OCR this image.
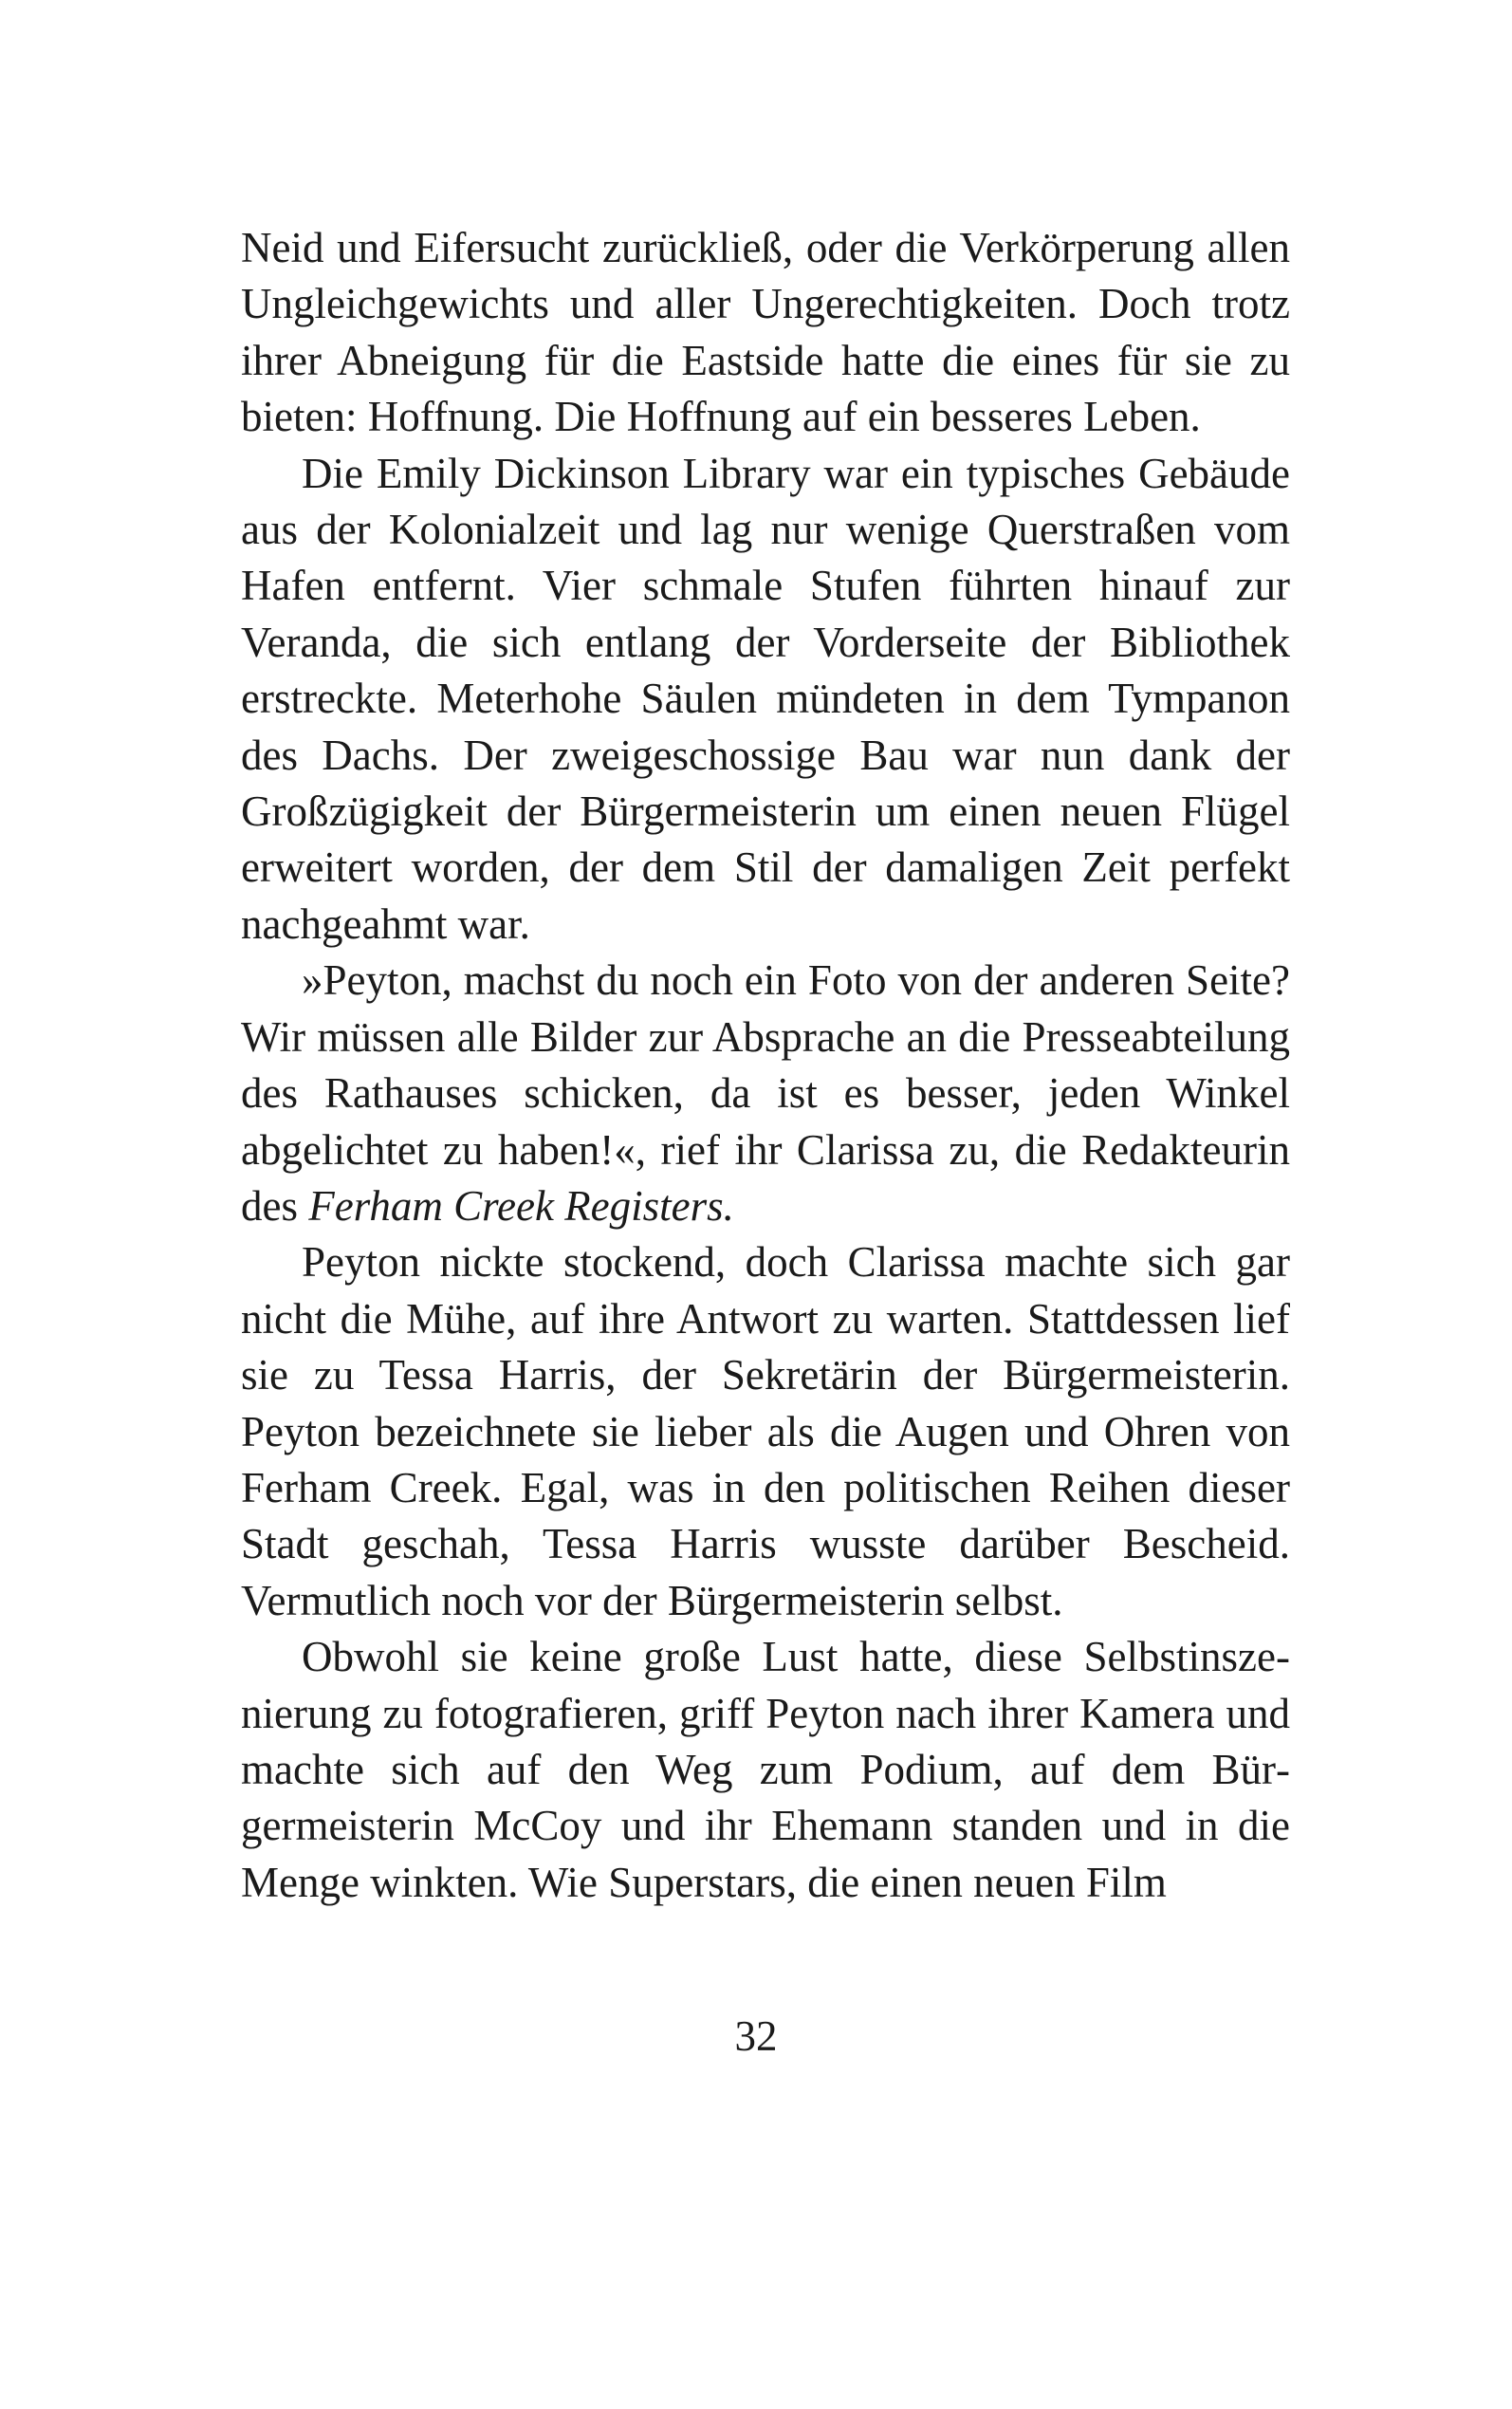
Neid und Eifersucht zurückließ, oder die Verkörperung allen Ungleichgewichts und aller Ungerechtigkeiten. Doch trotz ihrer Abneigung für die Eastside hatte die eines für sie zu bieten: Hoffnung. Die Hoffnung auf ein besseres Leben.

Die Emily Dickinson Library war ein typisches Gebäude aus der Kolonialzeit und lag nur wenige Querstraßen vom Hafen entfernt. Vier schmale Stufen führten hinauf zur Veranda, die sich entlang der Vorderseite der Bibliothek erstreckte. Meterhohe Säulen mündeten in dem Tympanon des Dachs. Der zweigeschossige Bau war nun dank der Großzügigkeit der Bürgermeisterin um einen neuen Flügel erweitert worden, der dem Stil der damaligen Zeit perfekt nachgeahmt war.

»Peyton, machst du noch ein Foto von der anderen Seite? Wir müssen alle Bilder zur Absprache an die Presseabteilung des Rathauses schicken, da ist es besser, jeden Winkel abgelichtet zu haben!«, rief ihr Clarissa zu, die Redakteurin des Ferham Creek Registers.

Peyton nickte stockend, doch Clarissa machte sich gar nicht die Mühe, auf ihre Antwort zu warten. Stattdessen lief sie zu Tessa Harris, der Sekretärin der Bürgermeisterin. Peyton bezeichnete sie lieber als die Augen und Ohren von Ferham Creek. Egal, was in den politischen Reihen dieser Stadt geschah, Tessa Harris wusste darüber Bescheid. Vermutlich noch vor der Bürgermeisterin selbst.

Obwohl sie keine große Lust hatte, diese Selbstinszenierung zu fotografieren, griff Peyton nach ihrer Kamera und machte sich auf den Weg zum Podium, auf dem Bürgermeisterin McCoy und ihr Ehemann standen und in die Menge winkten. Wie Superstars, die einen neuen Film

32
